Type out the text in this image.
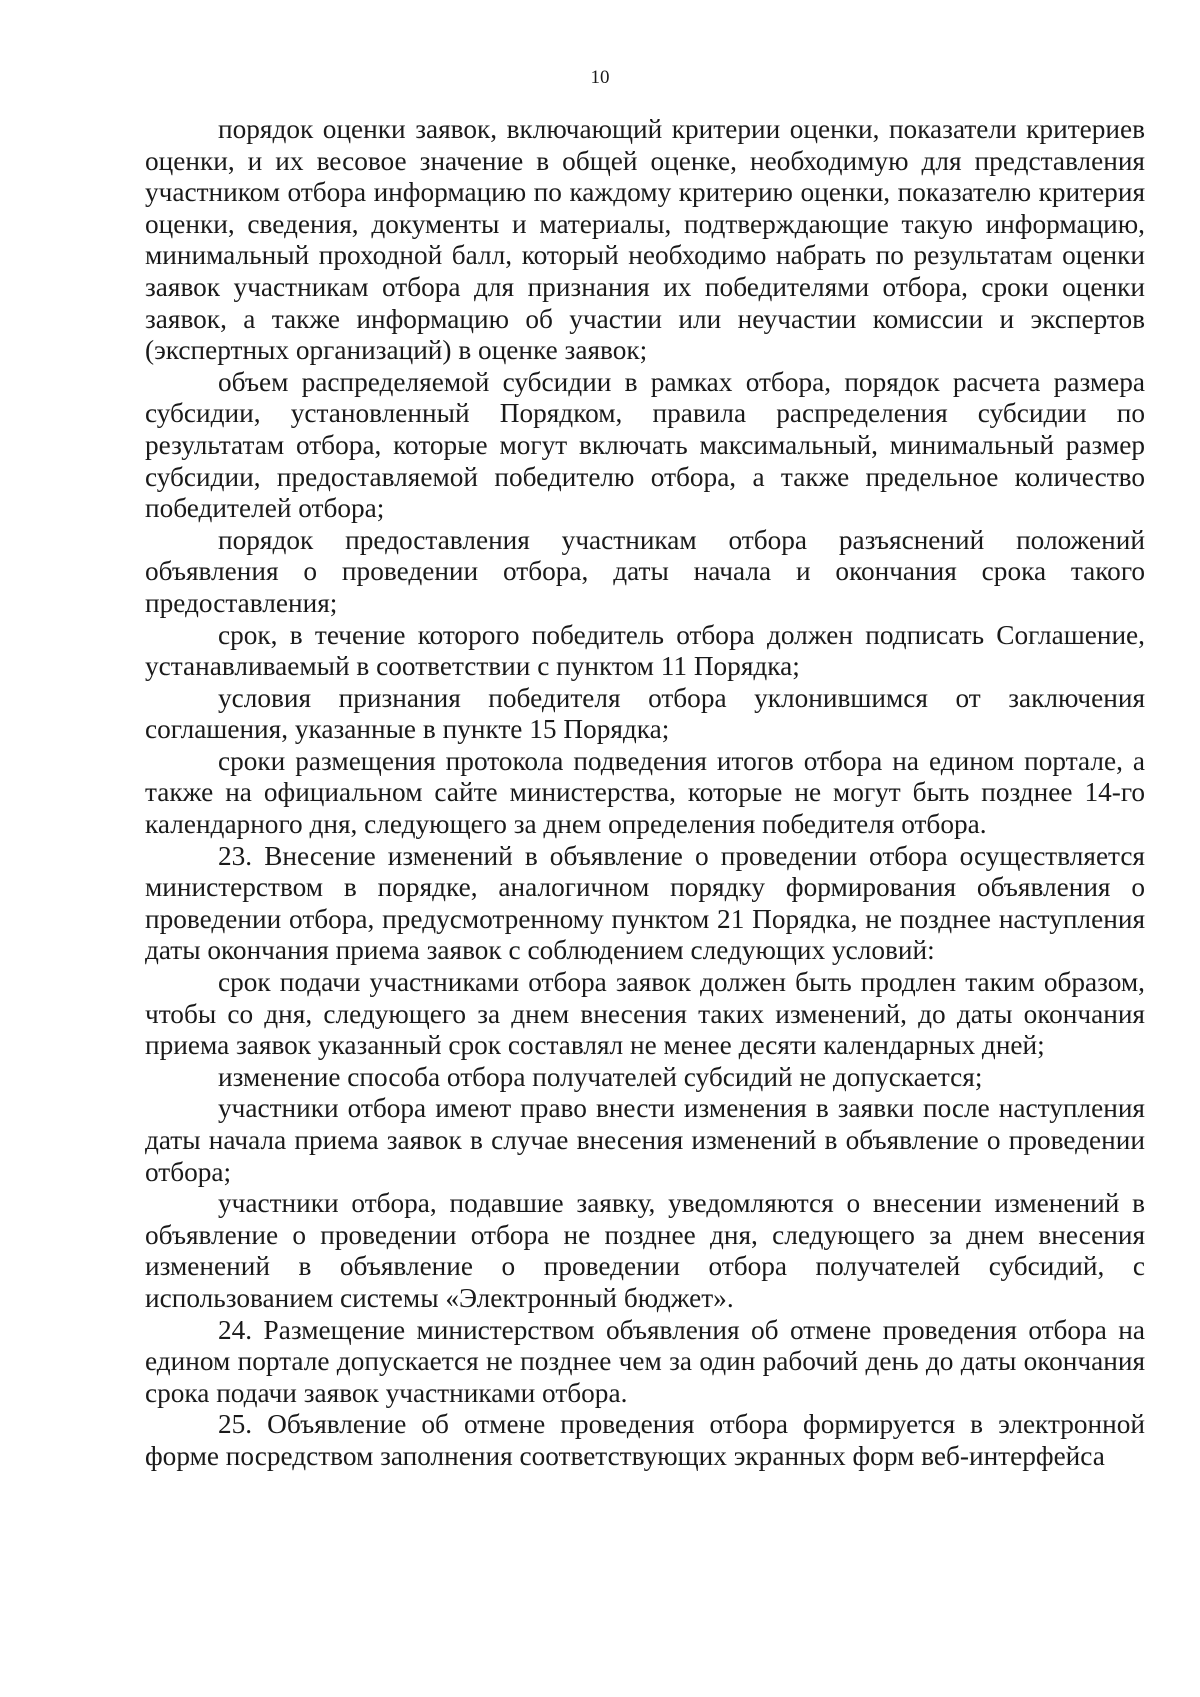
10

порядок оценки заявок, включающий критерии оценки, показатели критериев оценки, и их весовое значение в общей оценке, необходимую для представления участником отбора информацию по каждому критерию оценки, показателю критерия оценки, сведения, документы и материалы, подтверждающие такую информацию, минимальный проходной балл, который необходимо набрать по результатам оценки заявок участникам отбора для признания их победителями отбора, сроки оценки заявок, а также информацию об участии или неучастии комиссии и экспертов (экспертных организаций) в оценке заявок;

объем распределяемой субсидии в рамках отбора, порядок расчета размера субсидии, установленный Порядком, правила распределения субсидии по результатам отбора, которые могут включать максимальный, минимальный размер субсидии, предоставляемой победителю отбора, а также предельное количество победителей отбора;

порядок предоставления участникам отбора разъяснений положений объявления о проведении отбора, даты начала и окончания срока такого предоставления;

срок, в течение которого победитель отбора должен подписать Соглашение, устанавливаемый в соответствии с пунктом 11 Порядка;

условия признания победителя отбора уклонившимся от заключения соглашения, указанные в пункте 15 Порядка;

сроки размещения протокола подведения итогов отбора на едином портале, а также на официальном сайте министерства, которые не могут быть позднее 14-го календарного дня, следующего за днем определения победителя отбора.

23. Внесение изменений в объявление о проведении отбора осуществляется министерством в порядке, аналогичном порядку формирования объявления о проведении отбора, предусмотренному пунктом 21 Порядка, не позднее наступления даты окончания приема заявок с соблюдением следующих условий:

срок подачи участниками отбора заявок должен быть продлен таким образом, чтобы со дня, следующего за днем внесения таких изменений, до даты окончания приема заявок указанный срок составлял не менее десяти календарных дней;

изменение способа отбора получателей субсидий не допускается;

участники отбора имеют право внести изменения в заявки после наступления даты начала приема заявок в случае внесения изменений в объявление о проведении отбора;

участники отбора, подавшие заявку, уведомляются о внесении изменений в объявление о проведении отбора не позднее дня, следующего за днем внесения изменений в объявление о проведении отбора получателей субсидий, с использованием системы «Электронный бюджет».

24. Размещение министерством объявления об отмене проведения отбора на едином портале допускается не позднее чем за один рабочий день до даты окончания срока подачи заявок участниками отбора.

25. Объявление об отмене проведения отбора формируется в электронной форме посредством заполнения соответствующих экранных форм веб-интерфейса
